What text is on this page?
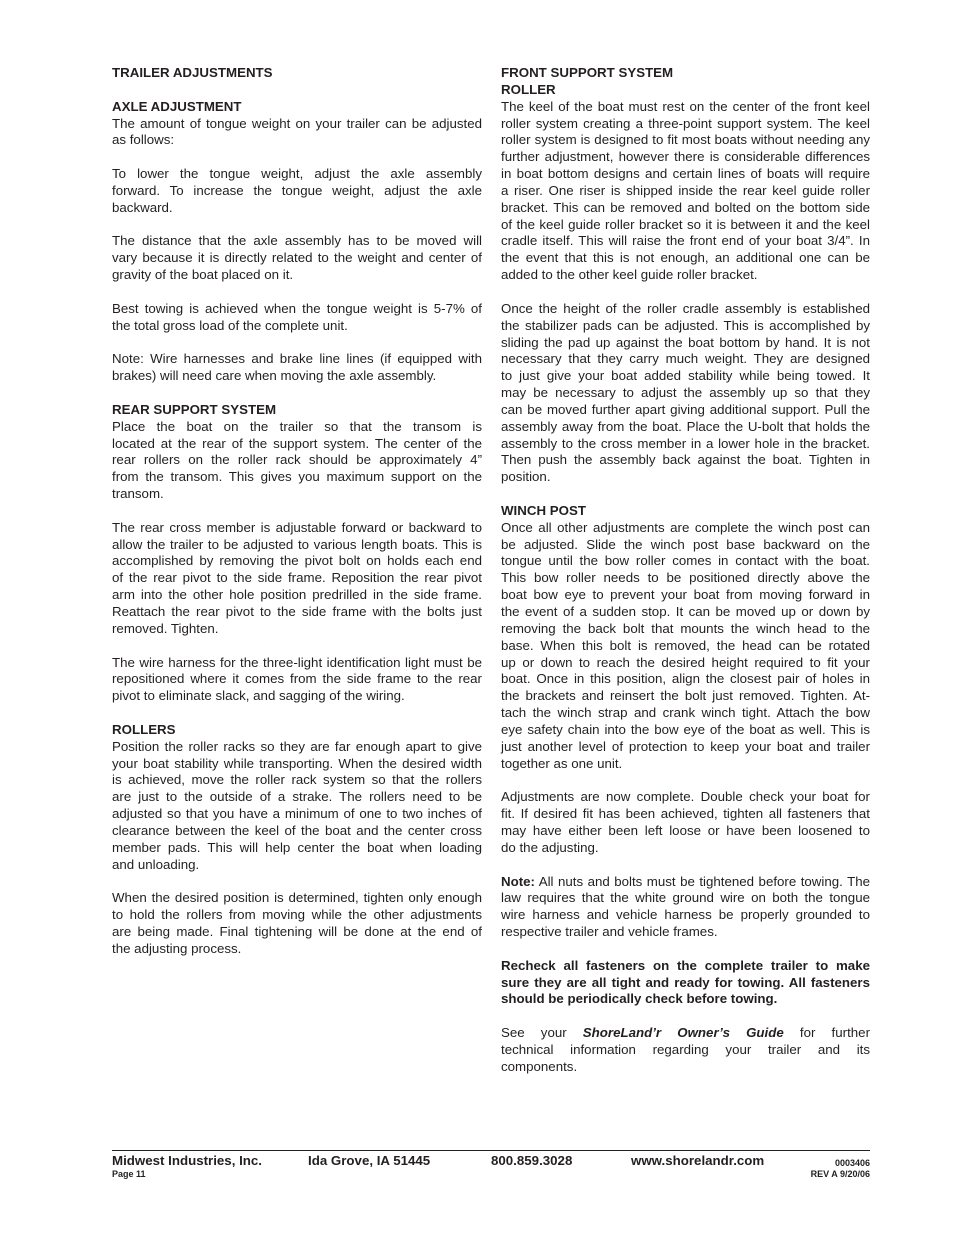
TRAILER ADJUSTMENTS

AXLE ADJUSTMENT

The amount of tongue weight on your trailer can be adjusted
as follows:
To lower the tongue weight, adjust the axle assembly
forward. To increase the tongue weight, adjust the axle
backward.
The distance that the axle assembly has to be moved will
vary because it is directly related to the weight and center of
gravity of the boat placed on it.
Best towing is achieved when the tongue weight is 5-7% of
the total gross load of the complete unit.
Note: Wire harnesses and brake line lines (if equipped with
brakes) will need care when moving the axle assembly.

REAR SUPPORT SYSTEM

Place the boat on the trailer so that the transom is
located at the rear of the support system. The center of the
rear rollers on the roller rack should be approximately 4”
from the transom. This gives you maximum support on the
transom.
The rear cross member is adjustable forward or backward to
allow the trailer to be adjusted to various length boats. This is
accomplished by removing the pivot bolt on holds each end
of the rear pivot to the side frame. Reposition the rear pivot
arm into the other hole position predrilled in the side frame.
Reattach the rear pivot to the side frame with the bolts just
removed. Tighten.
The wire harness for the three-light identification light must be
repositioned where it comes from the side frame to the rear
pivot to eliminate slack, and sagging of the wiring.

ROLLERS

Position the roller racks so they are far enough apart to give
your boat stability while transporting. When the desired width
is achieved, move the roller rack system so that the rollers
are just to the outside of a strake. The rollers need to be
adjusted so that you have a minimum of one to two inches of
clearance between the keel of the boat and the center cross
member pads. This will help center the boat when loading
and unloading.
When the desired position is determined, tighten only enough
to hold the rollers from moving while the other adjustments
are being made. Final tightening will be done at the end of
the adjusting process.

FRONT SUPPORT SYSTEM

ROLLER

The keel of the boat must rest on the center of the front keel
roller system creating a three-point support system. The keel
roller system is designed to fit most boats without needing any
further adjustment, however there is considerable differences
in boat bottom designs and certain lines of boats will require
a riser. One riser is shipped inside the rear keel guide roller
bracket. This can be removed and bolted on the bottom side
of the keel guide roller bracket so it is between it and the keel
cradle itself. This will raise the front end of your boat 3/4”. In
the event that this is not enough, an additional one can be
added to the other keel guide roller bracket.
Once the height of the roller cradle assembly is established
the stabilizer pads can be adjusted. This is accomplished by
sliding the pad up against the boat bottom by hand. It is not
necessary that they carry much weight. They are designed
to just give your boat added stability while being towed. It
may be necessary to adjust the assembly up so that they
can be moved further apart giving additional support. Pull the
assembly away from the boat. Place the U-bolt that holds the
assembly to the cross member in a lower hole in the bracket.
Then push the assembly back against the boat. Tighten in
position.

WINCH POST

Once all other adjustments are complete the winch post can
be adjusted. Slide the winch post base backward on the
tongue until the bow roller comes in contact with the boat.
This bow roller needs to be positioned directly above the
boat bow eye to prevent your boat from moving forward in
the event of a sudden stop. It can be moved up or down by
removing the back bolt that mounts the winch head to the
base. When this bolt is removed, the head can be rotated
up or down to reach the desired height required to fit your
boat. Once in this position, align the closest pair of holes in
the brackets and reinsert the bolt just removed. Tighten. At-
tach the winch strap and crank winch tight. Attach the bow
eye safety chain into the bow eye of the boat as well. This is
just another level of protection to keep your boat and trailer
together as one unit.
Adjustments are now complete. Double check your boat for
fit. If desired fit has been achieved, tighten all fasteners that
may have either been left loose or have been loosened to
do the adjusting.
Note: All nuts and bolts must be tightened before towing. The
law requires that the white ground wire on both the tongue
wire harness and vehicle harness be properly grounded to
respective trailer and vehicle frames.
Recheck all fasteners on the complete trailer to make
sure they are all tight and ready for towing. All fasteners
should be periodically check before towing.
See your ShoreLand’r Owner’s Guide for further
technical information regarding your trailer and its
components.
Midwest Industries, Inc.	Ida Grove, IA 51445	800.859.3028	www.shorelandr.com
Page 11
0003406
REV A 9/20/06
